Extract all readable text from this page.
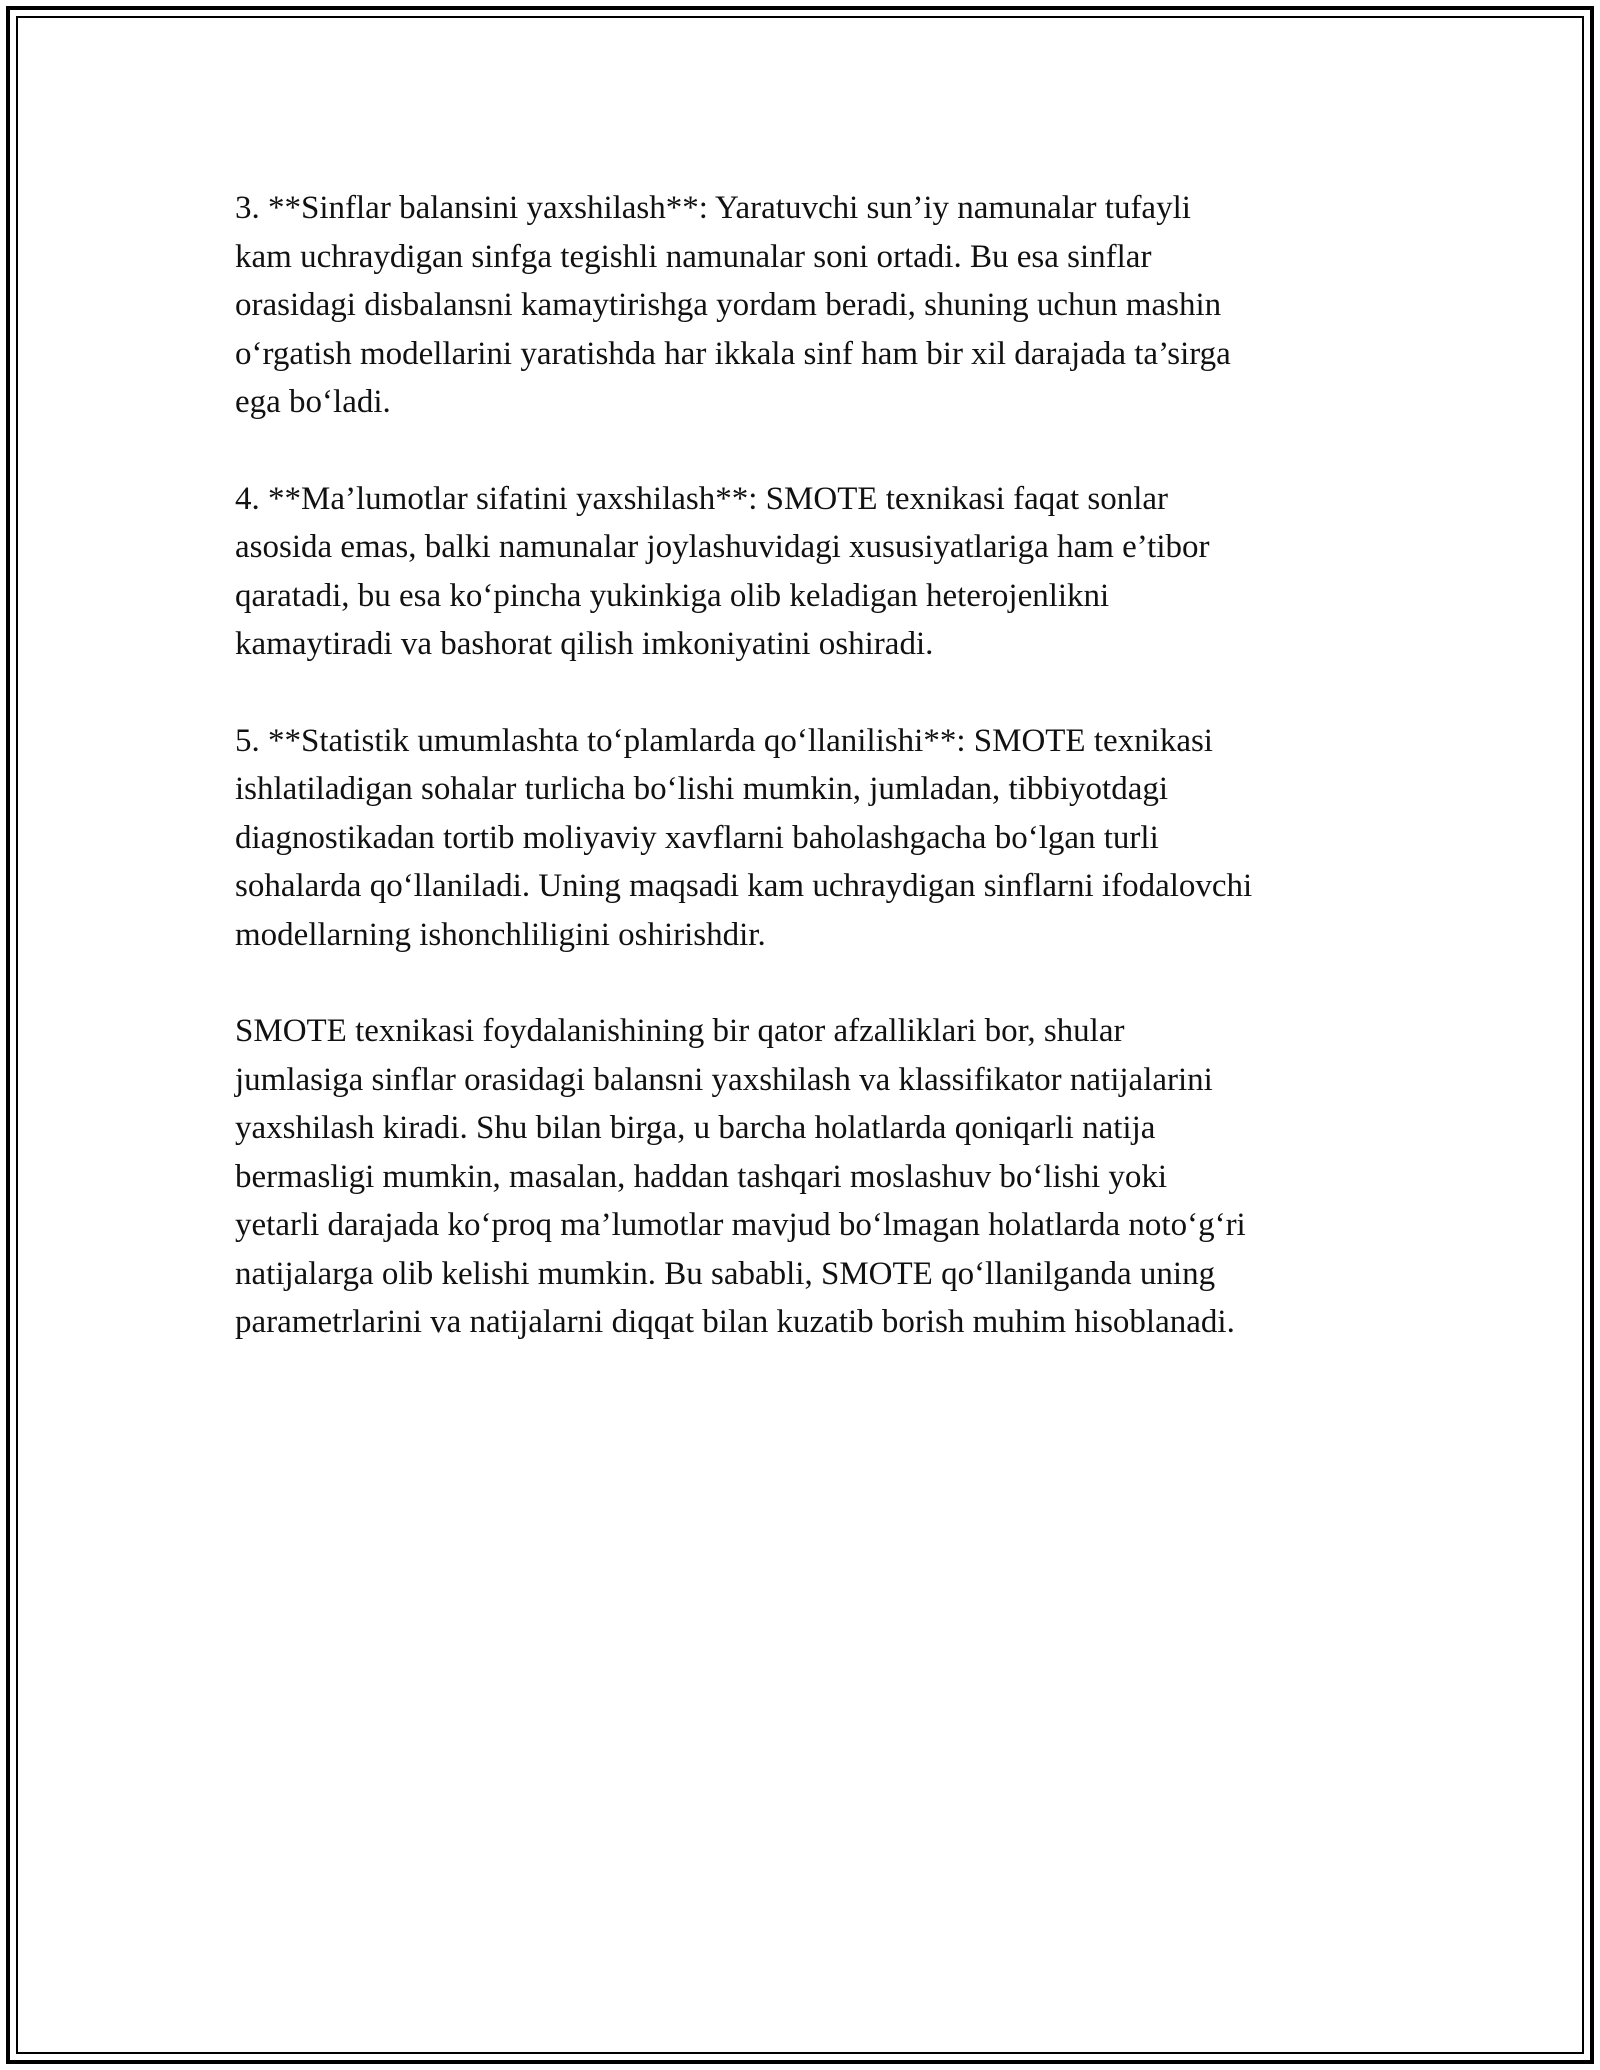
3. **Sinflar balansini yaxshilash**: Yaratuvchi sun’iy namunalar tufayli
kam uchraydigan sinfga tegishli namunalar soni ortadi. Bu esa sinflar
orasidagi disbalansni kamaytirishga yordam beradi, shuning uchun mashin
o‘rgatish modellarini yaratishda har ikkala sinf ham bir xil darajada ta’sirga
ega bo‘ladi.

4. **Ma’lumotlar sifatini yaxshilash**: SMOTE texnikasi faqat sonlar
asosida emas, balki namunalar joylashuvidagi xususiyatlariga ham e’tibor
qaratadi, bu esa ko‘pincha yukinkiga olib keladigan heterojenlikni
kamaytiradi va bashorat qilish imkoniyatini oshiradi.

5. **Statistik umumlashta to‘plamlarda qo‘llanilishi**: SMOTE texnikasi
ishlatiladigan sohalar turlicha bo‘lishi mumkin, jumladan, tibbiyotdagi
diagnostikadan tortib moliyaviy xavflarni baholashgacha bo‘lgan turli
sohalarda qo‘llaniladi. Uning maqsadi kam uchraydigan sinflarni ifodalovchi
modellarning ishonchliligini oshirishdir.

SMOTE texnikasi foydalanishining bir qator afzalliklari bor, shular
jumlasiga sinflar orasidagi balansni yaxshilash va klassifikator natijalarini
yaxshilash kiradi. Shu bilan birga, u barcha holatlarda qoniqarli natija
bermasligi mumkin, masalan, haddan tashqari moslashuv bo‘lishi yoki
yetarli darajada ko‘proq ma’lumotlar mavjud bo‘lmagan holatlarda noto‘g‘ri
natijalarga olib kelishi mumkin. Bu sababli, SMOTE qo‘llanilganda uning
parametrlarini va natijalarni diqqat bilan kuzatib borish muhim hisoblanadi.
